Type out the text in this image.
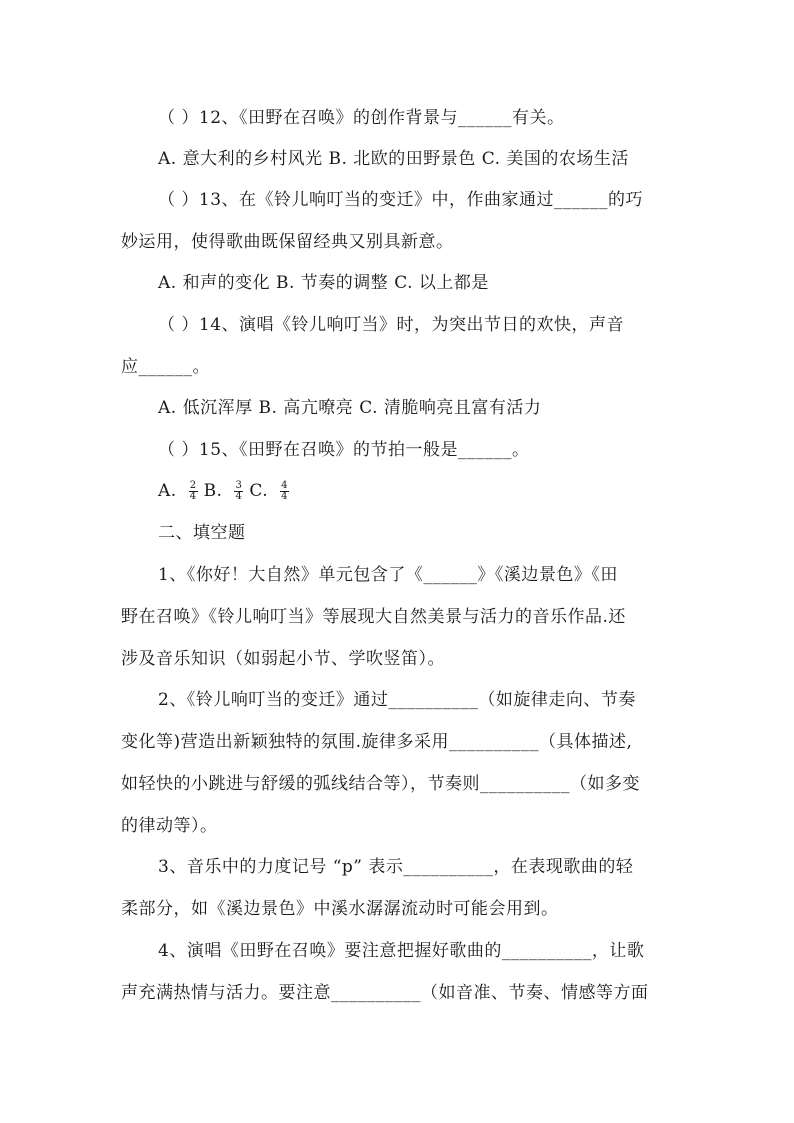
（ ）12、《田野在召唤》的创作背景与______有关。
A. 意大利的乡村风光 B. 北欧的田野景色 C. 美国的农场生活
（ ）13、在《铃儿响叮当的变迁》中，作曲家通过______的巧
妙运用，使得歌曲既保留经典又别具新意。
A. 和声的变化 B. 节奏的调整 C. 以上都是
（ ）14、演唱《铃儿响叮当》时，为突出节日的欢快，声音
应______。
A. 低沉浑厚 B. 高亢嘹亮 C. 清脆响亮且富有活力
（ ）15、《田野在召唤》的节拍一般是______。
A. $\frac{2}{4} B$. $\frac{3}{4} C$. $\frac{4}{4}$
二、填空题
1、《你好！大自然》单元包含了《______》《溪边景色》《田
野在召唤》《铃儿响叮当》等展现大自然美景与活力的音乐作品.还
涉及音乐知识（如弱起小节、学吹竖笛）。
2、《铃儿响叮当的变迁》通过__________（如旋律走向、节奏
变化等)营造出新颖独特的氛围.旋律多采用__________（具体描述,
如轻快的小跳进与舒缓的弧线结合等），节奏则__________（如多变
的律动等）。
3、音乐中的力度记号 “p” 表示__________，在表现歌曲的轻
柔部分，如《溪边景色》中溪水潺潺流动时可能会用到。
4、演唱《田野在召唤》要注意把握好歌曲的__________，让歌
声充满热情与活力。要注意__________（如音准、节奏、情感等方面
